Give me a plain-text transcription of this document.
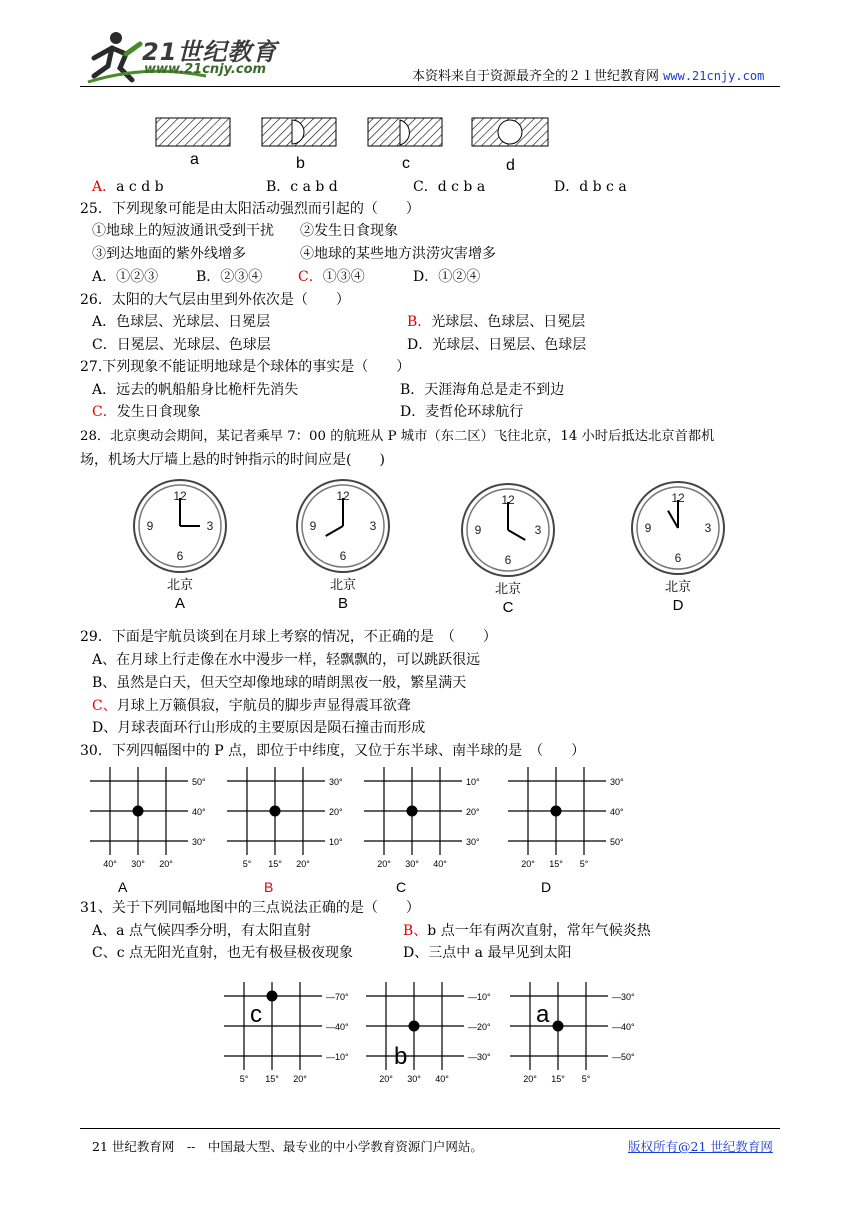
21世纪教育
www.21cnjy.com	本资料来自于资源最齐全的２１世纪教育网 www.21cnjy.com
a	b	c	d
A．a c d b	B．c a b d	C．d c b a	D．d b c a
25．下列现象可能是由太阳活动强烈而引起的（　　）
①地球上的短波通讯受到干扰 ②发生日食现象
③到达地面的紫外线增多	④地球的某些地方洪涝灾害增多
A．①②③	B．②③④	C．①③④	D．①②④
26．太阳的大气层由里到外依次是（　　）
A．色球层、光球层、日冕层	B．光球层、色球层、日冕层
C．日冕层、光球层、色球层	D．光球层、日冕层、色球层
27.下列现象不能证明地球是个球体的事实是（　　）
A．远去的帆船船身比桅杆先消失	B．天涯海角总是走不到边
C．发生日食现象	D．麦哲伦环球航行
28．北京奥动会期间，某记者乘早 7：00 的航班从 P 城市（东二区）飞往北京，14 小时后抵达北京首都机
场，机场大厅墙上悬的时钟指示的时间应是(　　)
12
3
6
9
北京
A
12
3
6
9
北京
B
12
3
6
9
北京
C
12
3
6
9
北京
D
29．下面是宇航员谈到在月球上考察的情况，不正确的是　（　　）
A、在月球上行走像在水中漫步一样，轻飘飘的，可以跳跃很远
B、虽然是白天，但天空却像地球的晴朗黑夜一般，繁星满天
C、月球上万籁俱寂，宇航员的脚步声显得震耳欲聋
D、月球表面环行山形成的主要原因是陨石撞击而形成
30．下列四幅图中的 P 点，即位于中纬度，又位于东半球、南半球的是　（　　）
50°
40°
30°
40° 30° 20°
30°
20°
10°
5° 15° 20°
10°
20°
30°
20° 30° 40°
30°
40°
50°
20° 15° 5°
A	B	C	D
31、关于下列同幅地图中的三点说法正确的是（　　）
A、a 点气候四季分明，有太阳直射	B、b 点一年有两次直射，常年气候炎热
C、c 点无阳光直射，也无有极昼极夜现象	D、三点中 a 最早见到太阳
—70°
—40°
—10°
5° 15° 20°
c
—10°
—20°
—30°
20° 30° 40°
b
—30°
—40°
—50°
20° 15° 5°
a
21 世纪教育网　--　中国最大型、最专业的中小学教育资源门户网站。	版权所有@21 世纪教育网
